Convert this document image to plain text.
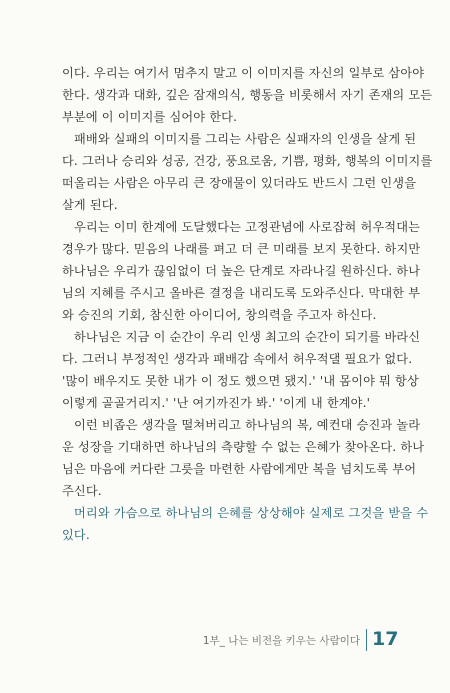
이다. 우리는 여기서 멈추지 말고 이 이미지를 자신의 일부로 삼아야
한다. 생각과 대화, 깊은 잠재의식, 행동을 비롯해서 자기 존재의 모든
부분에 이 이미지를 심어야 한다.
패배와 실패의 이미지를 그리는 사람은 실패자의 인생을 살게 된
다. 그러나 승리와 성공, 건강, 풍요로움, 기쁨, 평화, 행복의 이미지를
떠올리는 사람은 아무리 큰 장애물이 있더라도 반드시 그런 인생을
살게 된다.
우리는 이미 한계에 도달했다는 고정관념에 사로잡혀 허우적대는
경우가 많다. 믿음의 나래를 펴고 더 큰 미래를 보지 못한다. 하지만
하나님은 우리가 끊임없이 더 높은 단계로 자라나길 원하신다. 하나
님의 지혜를 주시고 올바른 결정을 내리도록 도와주신다. 막대한 부
와 승진의 기회, 참신한 아이디어, 창의력을 주고자 하신다.
하나님은 지금 이 순간이 우리 인생 최고의 순간이 되기를 바라신
다. 그러니 부정적인 생각과 패배감 속에서 허우적댈 필요가 없다.
'많이 배우지도 못한 내가 이 정도 했으면 됐지.' '내 몸이야 뭐 항상
이렇게 골골거리지.' '난 여기까진가 봐.' '이게 내 한계야.'
이런 비좁은 생각을 떨쳐버리고 하나님의 복, 예컨대 승진과 놀라
운 성장을 기대하면 하나님의 측량할 수 없는 은혜가 찾아온다. 하나
님은 마음에 커다란 그릇을 마련한 사람에게만 복을 넘치도록 부어
주신다.
머리와 가슴으로 하나님의 은혜를 상상해야 실제로 그것을 받을 수
있다.
1부_ 나는 비전을 키우는 사람이다 17
